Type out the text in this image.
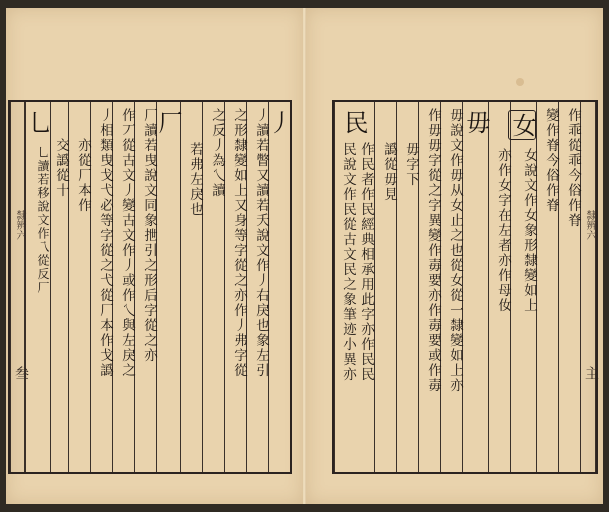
隸辨六
叁
丿
丿讀若瞥又讀若夭說文作丿右戾也象左引
之形隸變如上又身等字從之亦作丿弗字從
之反丿為乀讀
若弗左戾也
厂
厂讀若曳說文同象抴引之形后字從之亦
作丆從古文丿變古文作丿或作乀與左戾之
丿相類曳戈弋必等字從之弋從厂本作戈譌
亦從厂本作
交譌從十
乚
乚讀若移說文作乁從反厂	隸辨六
主
作乖從乖今俗作脊
變作脊今俗作脊
女
女說文作女象形隸變如上
亦作女字在左者亦作母㚢
毋
毋說文作毋从女止之也從女從一隸變如上亦
作毋毋字從之字異變作毐要亦作毐要或作毐
毋字下
譌從毋見
民
民說文作民從古文民之象筆迹小異亦 作民者作民經典相承用此字亦作民民
